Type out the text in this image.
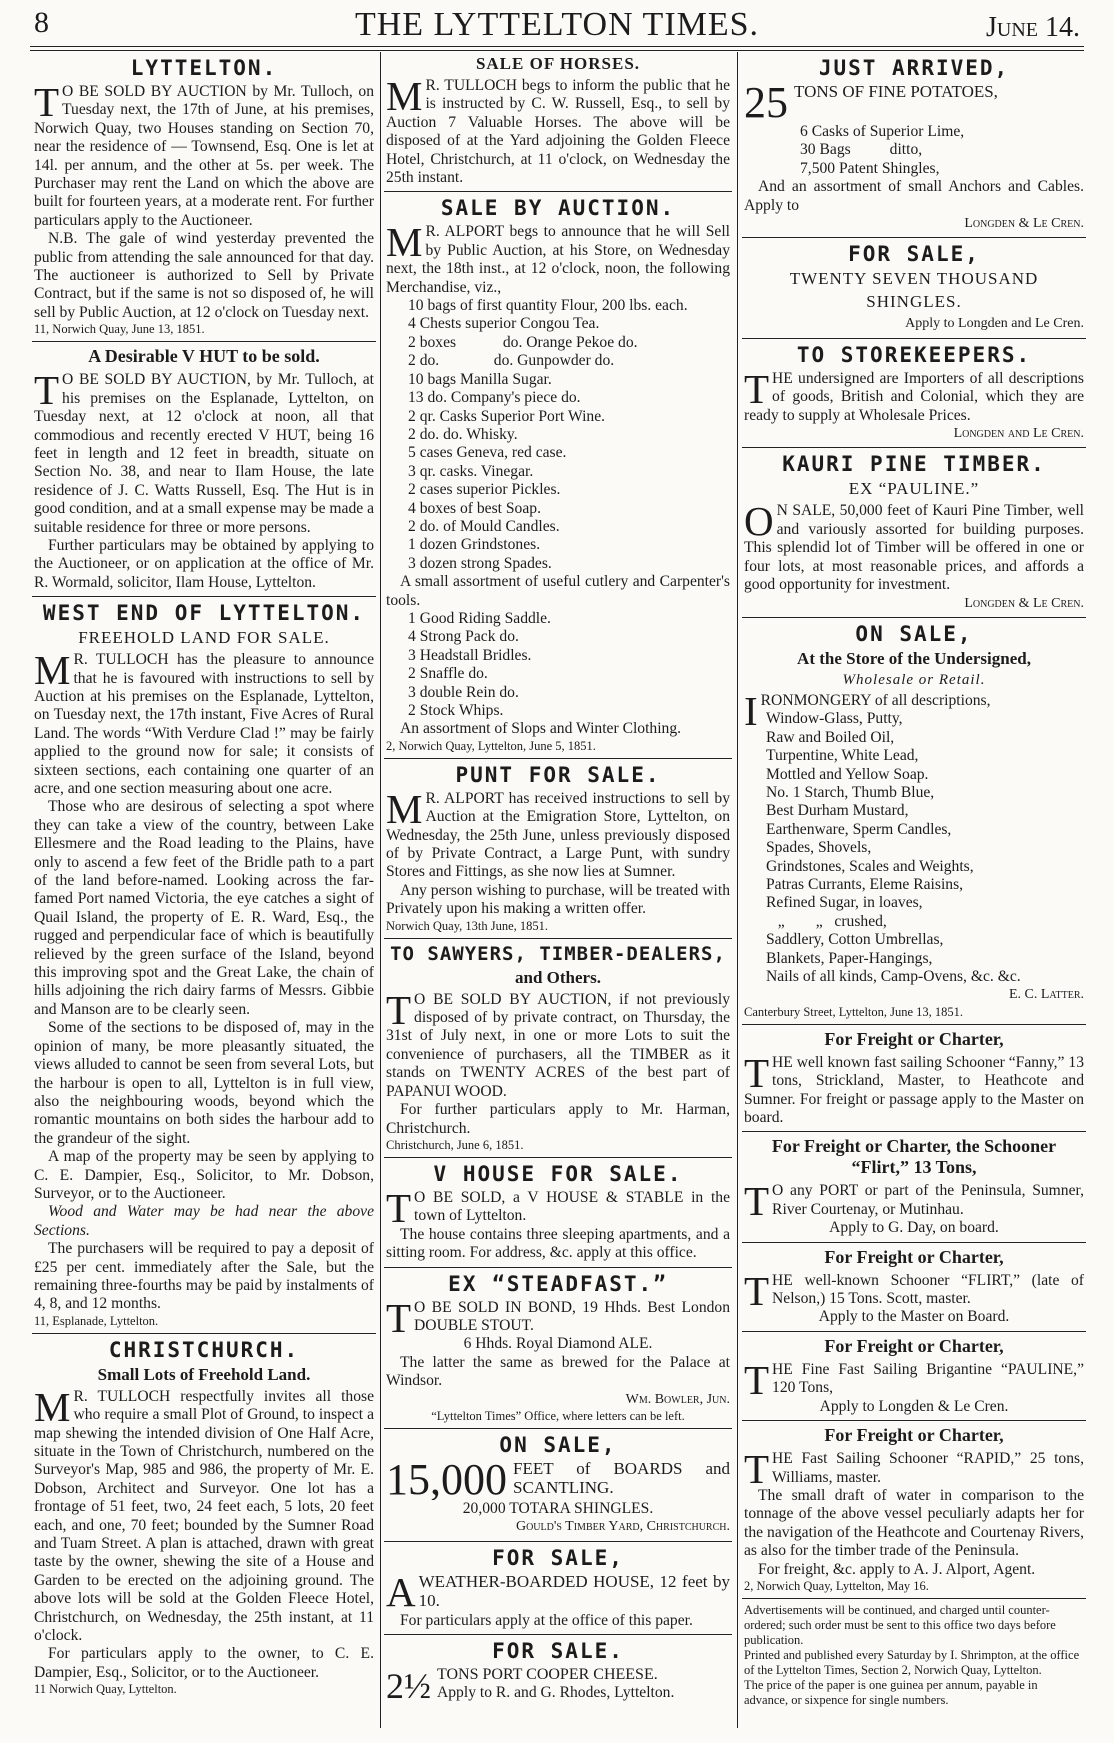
8	THE LYTTELTON TIMES.	June 14.
LYTTELTON.

T O BE SOLD BY AUCTION by Mr. Tulloch, on Tuesday next, the 17th of June, at his premises, Norwich Quay, two Houses standing on Section 70, near the residence of — Townsend, Esq. One is let at 14l. per annum, and the other at 5s. per week. The Purchaser may rent the Land on which the above are built for fourteen years, at a moderate rent. For further particulars apply to the Auctioneer.

N.B. The gale of wind yesterday prevented the public from attending the sale announced for that day. The auctioneer is authorized to Sell by Private Contract, but if the same is not so disposed of, he will sell by Public Auction, at 12 o'clock on Tuesday next.

11, Norwich Quay, June 13, 1851.

A Desirable V HUT to be sold.

T O BE SOLD BY AUCTION, by Mr. Tulloch, at his premises on the Esplanade, Lyttelton, on Tuesday next, at 12 o'clock at noon, all that commodious and recently erected V HUT, being 16 feet in length and 12 feet in breadth, situate on Section No. 38, and near to Ilam House, the late residence of J. C. Watts Russell, Esq. The Hut is in good condition, and at a small expense may be made a suitable residence for three or more persons.

Further particulars may be obtained by applying to the Auctioneer, or on application at the office of Mr. R. Wormald, solicitor, Ilam House, Lyttelton.

WEST END OF LYTTELTON.
FREEHOLD LAND FOR SALE.

M R. TULLOCH has the pleasure to announce that he is favoured with instructions to sell by Auction at his premises on the Esplanade, Lyttelton, on Tuesday next, the 17th instant, Five Acres of Rural Land. The words “With Verdure Clad !” may be fairly applied to the ground now for sale; it consists of sixteen sections, each containing one quarter of an acre, and one section measuring about one acre.

Those who are desirous of selecting a spot where they can take a view of the country, between Lake Ellesmere and the Road leading to the Plains, have only to ascend a few feet of the Bridle path to a part of the land before-named. Looking across the far-famed Port named Victoria, the eye catches a sight of Quail Island, the property of E. R. Ward, Esq., the rugged and perpendicular face of which is beautifully relieved by the green surface of the Island, beyond this improving spot and the Great Lake, the chain of hills adjoining the rich dairy farms of Messrs. Gibbie and Manson are to be clearly seen.

Some of the sections to be disposed of, may in the opinion of many, be more pleasantly situated, the views alluded to cannot be seen from several Lots, but the harbour is open to all, Lyttelton is in full view, also the neighbouring woods, beyond which the romantic mountains on both sides the harbour add to the grandeur of the sight.

A map of the property may be seen by applying to C. E. Dampier, Esq., Solicitor, to Mr. Dobson, Surveyor, or to the Auctioneer.

Wood and Water may be had near the above Sections.

The purchasers will be required to pay a deposit of £25 per cent. immediately after the Sale, but the remaining three-fourths may be paid by instalments of 4, 8, and 12 months.

11, Esplanade, Lyttelton.

CHRISTCHURCH.
Small Lots of Freehold Land.

M R. TULLOCH respectfully invites all those who require a small Plot of Ground, to inspect a map shewing the intended division of One Half Acre, situate in the Town of Christchurch, numbered on the Surveyor's Map, 985 and 986, the property of Mr. E. Dobson, Architect and Surveyor. One lot has a frontage of 51 feet, two, 24 feet each, 5 lots, 20 feet each, and one, 70 feet; bounded by the Sumner Road and Tuam Street. A plan is attached, drawn with great taste by the owner, shewing the site of a House and Garden to be erected on the adjoining ground. The above lots will be sold at the Golden Fleece Hotel, Christchurch, on Wednesday, the 25th instant, at 11 o'clock.

For particulars apply to the owner, to C. E. Dampier, Esq., Solicitor, or to the Auctioneer.

11 Norwich Quay, Lyttelton.

SALE OF HORSES.

M R. TULLOCH begs to inform the public that he is instructed by C. W. Russell, Esq., to sell by Auction 7 Valuable Horses. The above will be disposed of at the Yard adjoining the Golden Fleece Hotel, Christchurch, at 11 o'clock, on Wednesday the 25th instant.

SALE BY AUCTION.

M R. ALPORT begs to announce that he will Sell by Public Auction, at his Store, on Wednesday next, the 18th inst., at 12 o'clock, noon, the following Merchandise, viz.,

10 bags of first quantity Flour, 200 lbs. each.
4 Chests superior Congou Tea.
2 boxes            do. Orange Pekoe do.
2 do.              do. Gunpowder do.
10 bags Manilla Sugar.
13 do. Company's piece do.
2 qr. Casks Superior Port Wine.
2 do. do. Whisky.
5 cases Geneva, red case.
3 qr. casks. Vinegar.
2 cases superior Pickles.
4 boxes of best Soap.
2 do. of Mould Candles.
1 dozen Grindstones.
3 dozen strong Spades.

A small assortment of useful cutlery and Carpenter's tools.

1 Good Riding Saddle.
4 Strong Pack do.
3 Headstall Bridles.
2 Snaffle do.
3 double Rein do.
2 Stock Whips.

An assortment of Slops and Winter Clothing.

2, Norwich Quay, Lyttelton, June 5, 1851.

PUNT FOR SALE.

M R. ALPORT has received instructions to sell by Auction at the Emigration Store, Lyttelton, on Wednesday, the 25th June, unless previously disposed of by Private Contract, a Large Punt, with sundry Stores and Fittings, as she now lies at Sumner.

Any person wishing to purchase, will be treated with Privately upon his making a written offer.

Norwich Quay, 13th June, 1851.

TO SAWYERS, TIMBER-DEALERS,
and Others.

T O BE SOLD BY AUCTION, if not previously disposed of by private contract, on Thursday, the 31st of July next, in one or more Lots to suit the convenience of purchasers, all the TIMBER as it stands on TWENTY ACRES of the best part of PAPANUI WOOD.

For further particulars apply to Mr. Harman, Christchurch.

Christchurch, June 6, 1851.

V HOUSE FOR SALE.

T O BE SOLD, a V HOUSE & STABLE in the town of Lyttelton.

The house contains three sleeping apartments, and a sitting room. For address, &c. apply at this office.

EX “STEADFAST.”

T O BE SOLD IN BOND, 19 Hhds. Best London DOUBLE STOUT.

6 Hhds. Royal Diamond ALE.

The latter the same as brewed for the Palace at Windsor.

Wm. Bowler, Jun.

“Lyttelton Times” Office, where letters can be left.

ON SALE,

15,000 FEET of BOARDS and SCANTLING.

20,000 TOTARA SHINGLES.

Gould's Timber Yard, Christchurch.

FOR SALE,

AWEATHER-BOARDED HOUSE, 12 feet by 10.

For particulars apply at the office of this paper.

FOR SALE.

2½ TONS PORT COOPER CHEESE.
Apply to R. and G. Rhodes, Lyttelton.

JUST ARRIVED,

25 TONS OF FINE POTATOES,

6 Casks of Superior Lime,
30 Bags          ditto,
7,500 Patent Shingles,

And an assortment of small Anchors and Cables. Apply to

Longden & Le Cren.

FOR SALE,
TWENTY SEVEN THOUSAND
SHINGLES.

Apply to Longden and Le Cren.

TO STOREKEEPERS.

THE undersigned are Importers of all descriptions of goods, British and Colonial, which they are ready to supply at Wholesale Prices.

Longden and Le Cren.

KAURI PINE TIMBER.
EX “PAULINE.”

O N SALE, 50,000 feet of Kauri Pine Timber, well and variously assorted for building purposes. This splendid lot of Timber will be offered in one or four lots, at most reasonable prices, and affords a good opportunity for investment.

Longden & Le Cren.

ON SALE,
At the Store of the Undersigned,
Wholesale or Retail.

IRONMONGERY of all descriptions,

Window-Glass, Putty,
Raw and Boiled Oil,
Turpentine, White Lead,
Mottled and Yellow Soap.
No. 1 Starch, Thumb Blue,
Best Durham Mustard,
Earthenware, Sperm Candles,
Spades, Shovels,
Grindstones, Scales and Weights,
Patras Currants, Eleme Raisins,
Refined Sugar, in loaves,
„        „   crushed,
Saddlery, Cotton Umbrellas,
Blankets, Paper-Hangings,
Nails of all kinds, Camp-Ovens, &c. &c.

E. C. Latter.

Canterbury Street, Lyttelton, June 13, 1851.

For Freight or Charter,

THE well known fast sailing Schooner “Fanny,” 13 tons, Strickland, Master, to Heathcote and Sumner. For freight or passage apply to the Master on board.

For Freight or Charter, the Schooner “Flirt,” 13 Tons,

T O any PORT or part of the Peninsula, Sumner, River Courtenay, or Mutinhau.

Apply to G. Day, on board.

For Freight or Charter,

THE well-known Schooner “FLIRT,” (late of Nelson,) 15 Tons. Scott, master.

Apply to the Master on Board.

For Freight or Charter,

THE Fine Fast Sailing Brigantine “PAULINE,” 120 Tons,

Apply to Longden & Le Cren.

For Freight or Charter,

THE Fast Sailing Schooner “RAPID,” 25 tons, Williams, master.

The small draft of water in comparison to the tonnage of the above vessel peculiarly adapts her for the navigation of the Heathcote and Courtenay Rivers, as also for the timber trade of the Peninsula.

For freight, &c. apply to A. J. Alport, Agent.

2, Norwich Quay, Lyttelton, May 16.

Advertisements will be continued, and charged until counter-ordered; such order must be sent to this office two days before publication.

Printed and published every Saturday by I. Shrimpton, at the office of the Lyttelton Times, Section 2, Norwich Quay, Lyttelton.

The price of the paper is one guinea per annum, payable in advance, or sixpence for single numbers.
